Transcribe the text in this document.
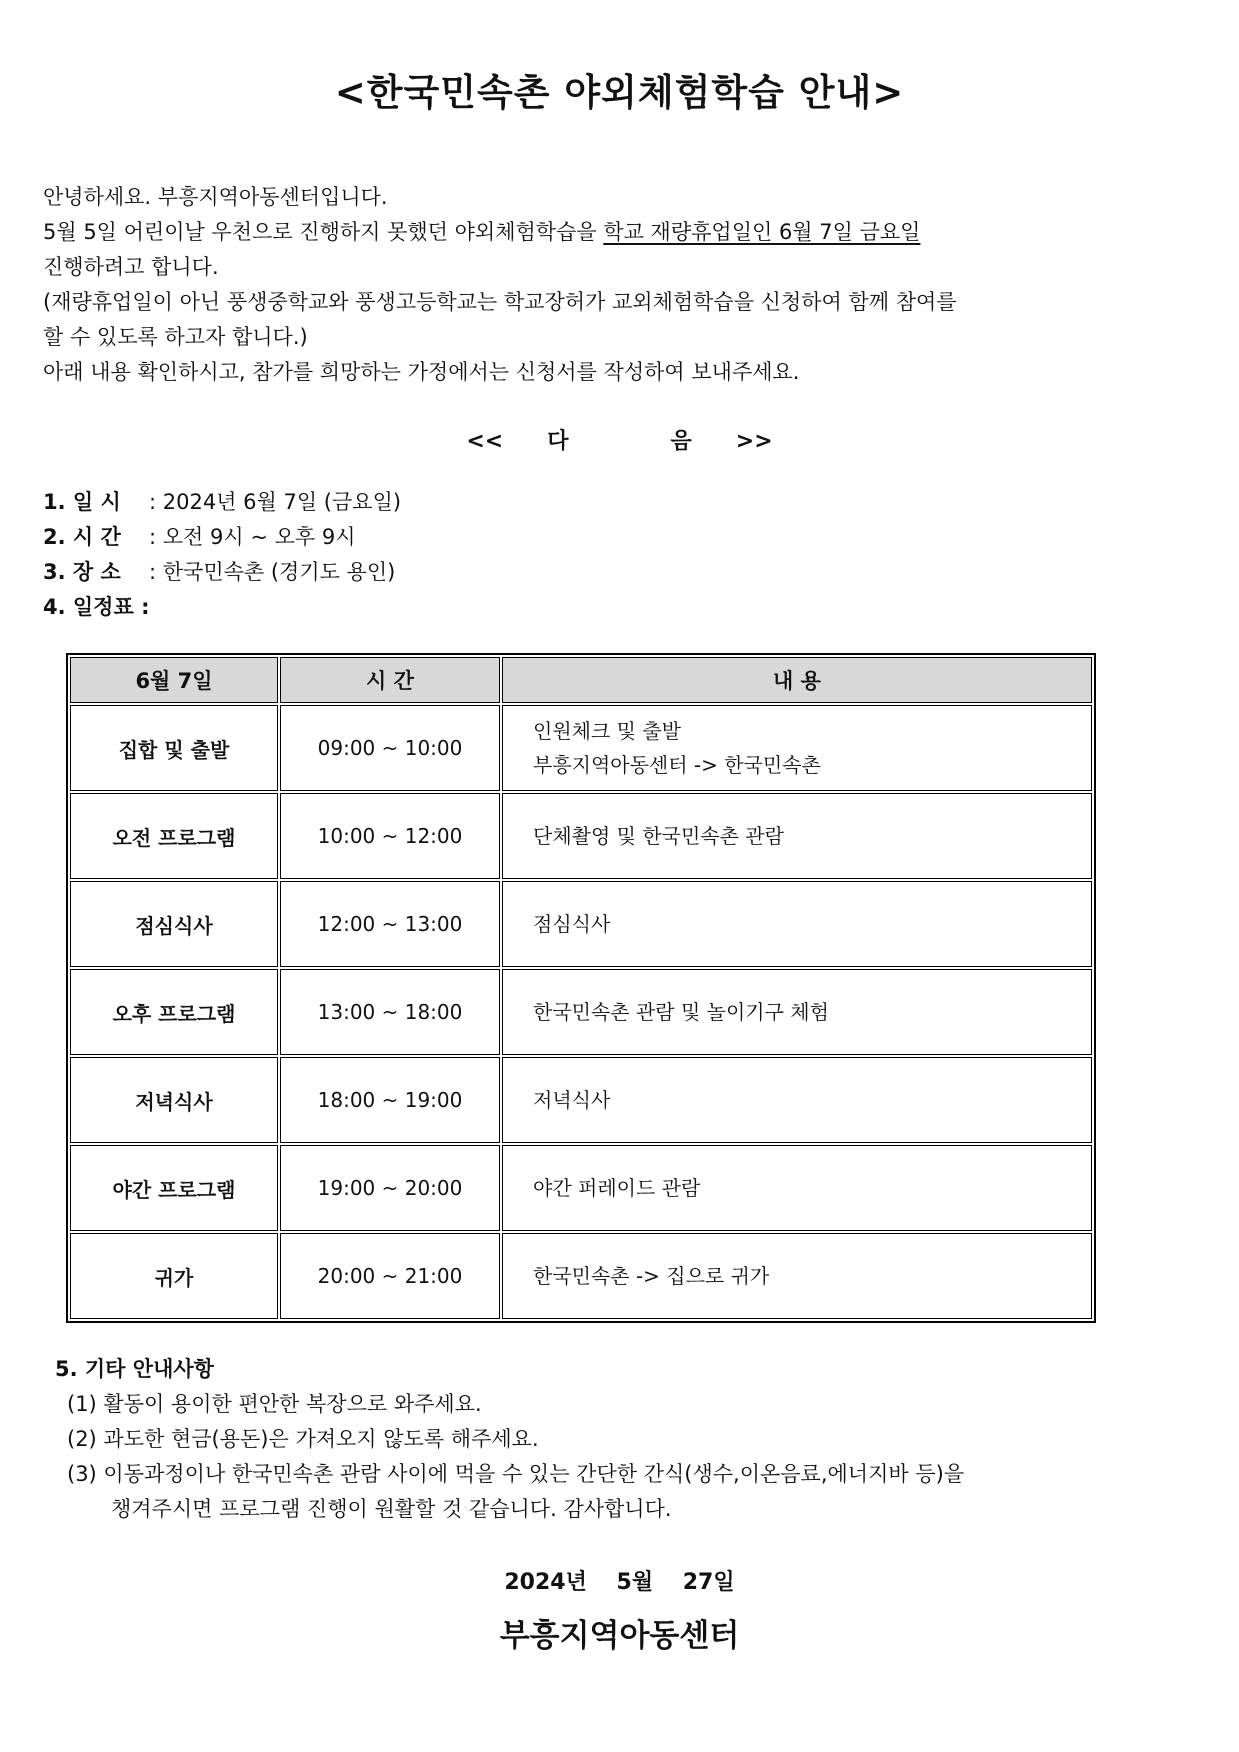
<한국민속촌 야외체험학습 안내>

안녕하세요. 부흥지역아동센터입니다.

5월 5일 어린이날 우천으로 진행하지 못했던 야외체험학습을 학교 재량휴업일인 6월 7일 금요일

진행하려고 합니다.

(재량휴업일이 아닌 풍생중학교와 풍생고등학교는 학교장허가 교외체험학습을 신청하여 함께 참여를

할 수 있도록 하고자 합니다.)

아래 내용 확인하시고, 참가를 희망하는 가정에서는 신청서를 작성하여 보내주세요.

<< 다	음 >>
1. 일 시 : 2024년 6월 7일 (금요일)
2. 시 간 : 오전 9시 ~ 오후 9시
3. 장 소 : 한국민속촌 (경기도 용인)
4. 일정표 :
6월 7일	시 간	내 용
집합 및 출발	09:00 ~ 10:00	인원체크 및 출발
부흥지역아동센터 -> 한국민속촌

오전 프로그램	10:00 ~ 12:00	단체촬영 및 한국민속촌 관람

점심식사	12:00 ~ 13:00	점심식사

오후 프로그램	13:00 ~ 18:00	한국민속촌 관람 및 놀이기구 체험

저녁식사	18:00 ~ 19:00	저녁식사

야간 프로그램	19:00 ~ 20:00	야간 퍼레이드 관람

귀가	20:00 ~ 21:00	한국민속촌 -> 집으로 귀가
5. 기타 안내사항
(1) 활동이 용이한 편안한 복장으로 와주세요.
(2) 과도한 현금(용돈)은 가져오지 않도록 해주세요.
(3) 이동과정이나 한국민속촌 관람 사이에 먹을 수 있는 간단한 간식(생수,이온음료,에너지바 등)을
챙겨주시면 프로그램 진행이 원활할 것 같습니다. 감사합니다.
2024년 5월 27일
부흥지역아동센터
